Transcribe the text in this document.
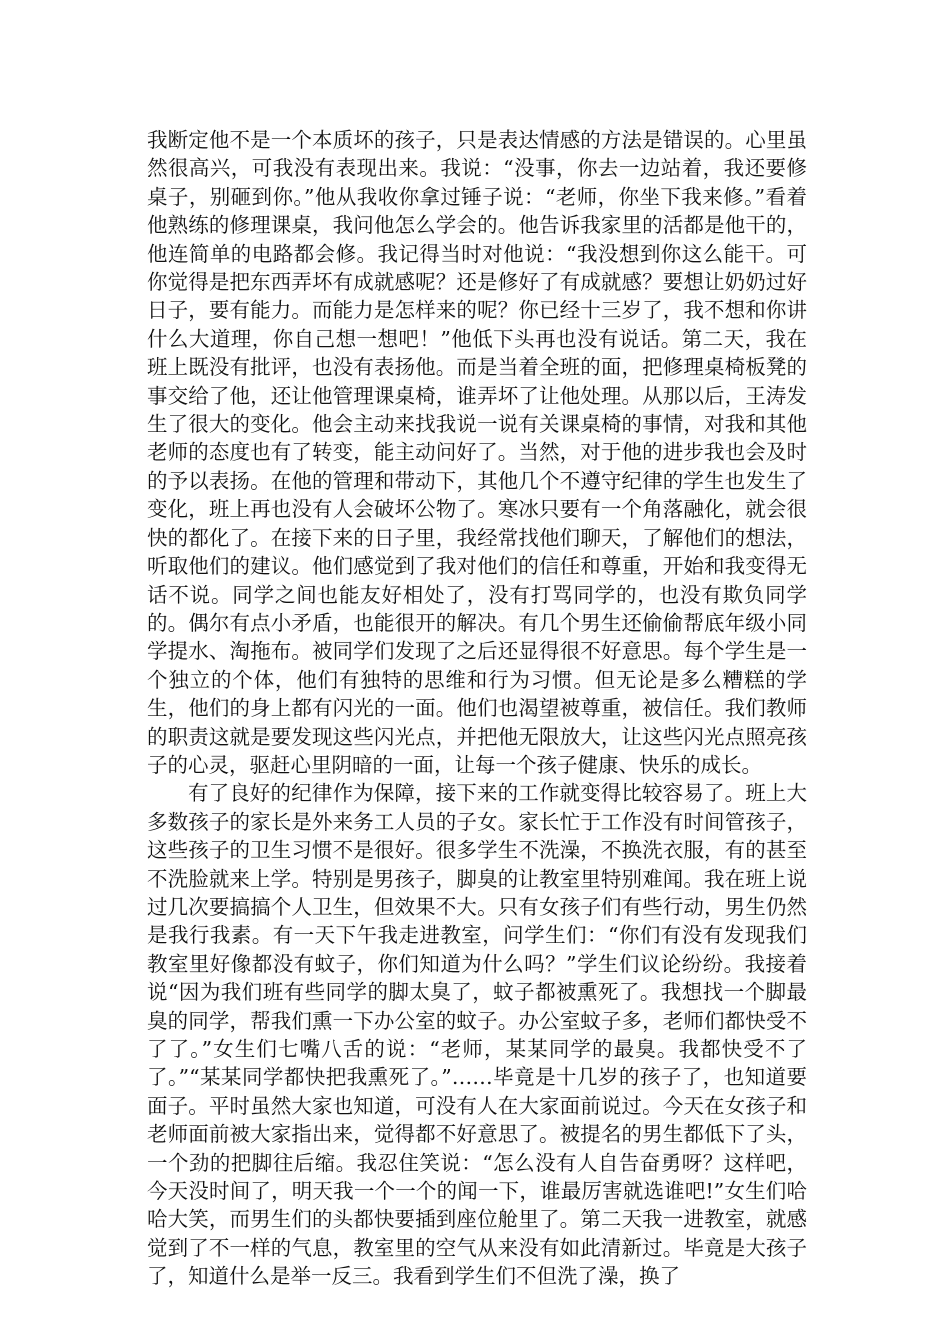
我断定他不是一个本质坏的孩子，只是表达情感的方法是错误的。心里虽然很高兴，可我没有表现出来。我说：“没事，你去一边站着，我还要修桌子，别砸到你。”他从我收你拿过锤子说：“老师，你坐下我来修。”看着他熟练的修理课桌，我问他怎么学会的。他告诉我家里的活都是他干的，他连简单的电路都会修。我记得当时对他说：“我没想到你这么能干。可你觉得是把东西弄坏有成就感呢？还是修好了有成就感？要想让奶奶过好日子，要有能力。而能力是怎样来的呢？你已经十三岁了，我不想和你讲什么大道理，你自己想一想吧！”他低下头再也没有说话。第二天，我在班上既没有批评，也没有表扬他。而是当着全班的面，把修理桌椅板凳的事交给了他，还让他管理课桌椅，谁弄坏了让他处理。从那以后，王涛发生了很大的变化。他会主动来找我说一说有关课桌椅的事情，对我和其他老师的态度也有了转变，能主动问好了。当然，对于他的进步我也会及时的予以表扬。在他的管理和带动下，其他几个不遵守纪律的学生也发生了变化，班上再也没有人会破坏公物了。寒冰只要有一个角落融化，就会很快的都化了。在接下来的日子里，我经常找他们聊天，了解他们的想法，听取他们的建议。他们感觉到了我对他们的信任和尊重，开始和我变得无话不说。同学之间也能友好相处了，没有打骂同学的，也没有欺负同学的。偶尔有点小矛盾，也能很开的解决。有几个男生还偷偷帮底年级小同学提水、淘拖布。被同学们发现了之后还显得很不好意思。每个学生是一个独立的个体，他们有独特的思维和行为习惯。但无论是多么糟糕的学生，他们的身上都有闪光的一面。他们也渴望被尊重，被信任。我们教师的职责这就是要发现这些闪光点，并把他无限放大，让这些闪光点照亮孩子的心灵，驱赶心里阴暗的一面，让每一个孩子健康、快乐的成长。

有了良好的纪律作为保障，接下来的工作就变得比较容易了。班上大多数孩子的家长是外来务工人员的子女。家长忙于工作没有时间管孩子，这些孩子的卫生习惯不是很好。很多学生不洗澡，不换洗衣服，有的甚至不洗脸就来上学。特别是男孩子，脚臭的让教室里特别难闻。我在班上说过几次要搞搞个人卫生，但效果不大。只有女孩子们有些行动，男生仍然是我行我素。有一天下午我走进教室，问学生们：“你们有没有发现我们教室里好像都没有蚊子，你们知道为什么吗？”学生们议论纷纷。我接着说“因为我们班有些同学的脚太臭了，蚊子都被熏死了。我想找一个脚最臭的同学，帮我们熏一下办公室的蚊子。办公室蚊子多，老师们都快受不了了。”女生们七嘴八舌的说：“老师，某某同学的最臭。我都快受不了了。”“某某同学都快把我熏死了。”……毕竟是十几岁的孩子了，也知道要面子。平时虽然大家也知道，可没有人在大家面前说过。今天在女孩子和老师面前被大家指出来，觉得都不好意思了。被提名的男生都低下了头，一个劲的把脚往后缩。我忍住笑说：“怎么没有人自告奋勇呀？这样吧，今天没时间了，明天我一个一个的闻一下，谁最厉害就选谁吧!”女生们哈哈大笑，而男生们的头都快要插到座位舱里了。第二天我一进教室，就感觉到了不一样的气息，教室里的空气从来没有如此清新过。毕竟是大孩子了，知道什么是举一反三。我看到学生们不但洗了澡，换了
